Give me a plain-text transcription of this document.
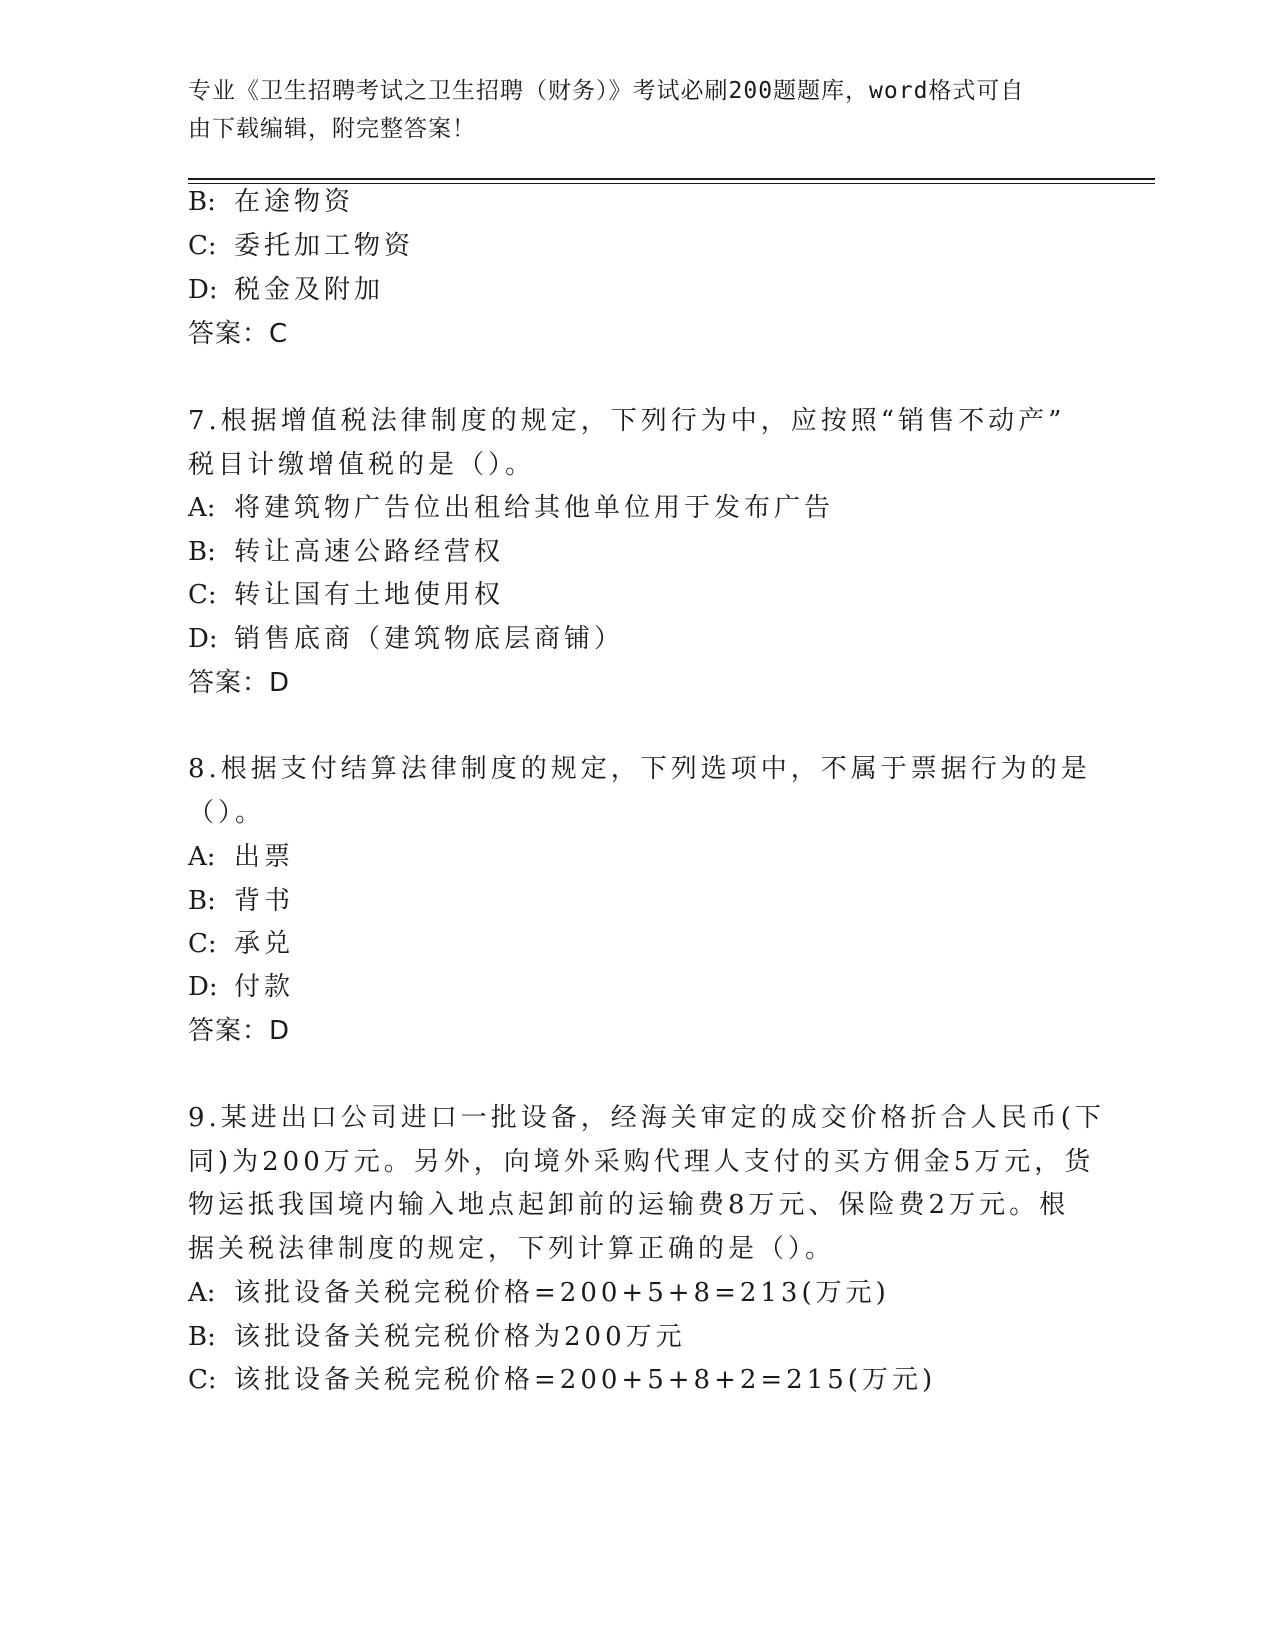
专业《卫生招聘考试之卫生招聘（财务）》考试必刷200题题库，word格式可自
由下载编辑，附完整答案！
B: 在途物资
C: 委托加工物资
D: 税金及附加
答案：C
7.根据增值税法律制度的规定，下列行为中，应按照“销售不动产”
税目计缴增值税的是（）。
A: 将建筑物广告位出租给其他单位用于发布广告
B: 转让高速公路经营权
C: 转让国有土地使用权
D: 销售底商（建筑物底层商铺）
答案：D
8.根据支付结算法律制度的规定，下列选项中，不属于票据行为的是
（）。
A: 出票
B: 背书
C: 承兑
D: 付款
答案：D
9.某进出口公司进口一批设备，经海关审定的成交价格折合人民币(下
同)为200万元。另外，向境外采购代理人支付的买方佣金5万元，货
物运抵我国境内输入地点起卸前的运输费8万元、保险费2万元。根
据关税法律制度的规定，下列计算正确的是（）。
A: 该批设备关税完税价格=200+5+8=213(万元)
B: 该批设备关税完税价格为200万元
C: 该批设备关税完税价格=200+5+8+2=215(万元)
